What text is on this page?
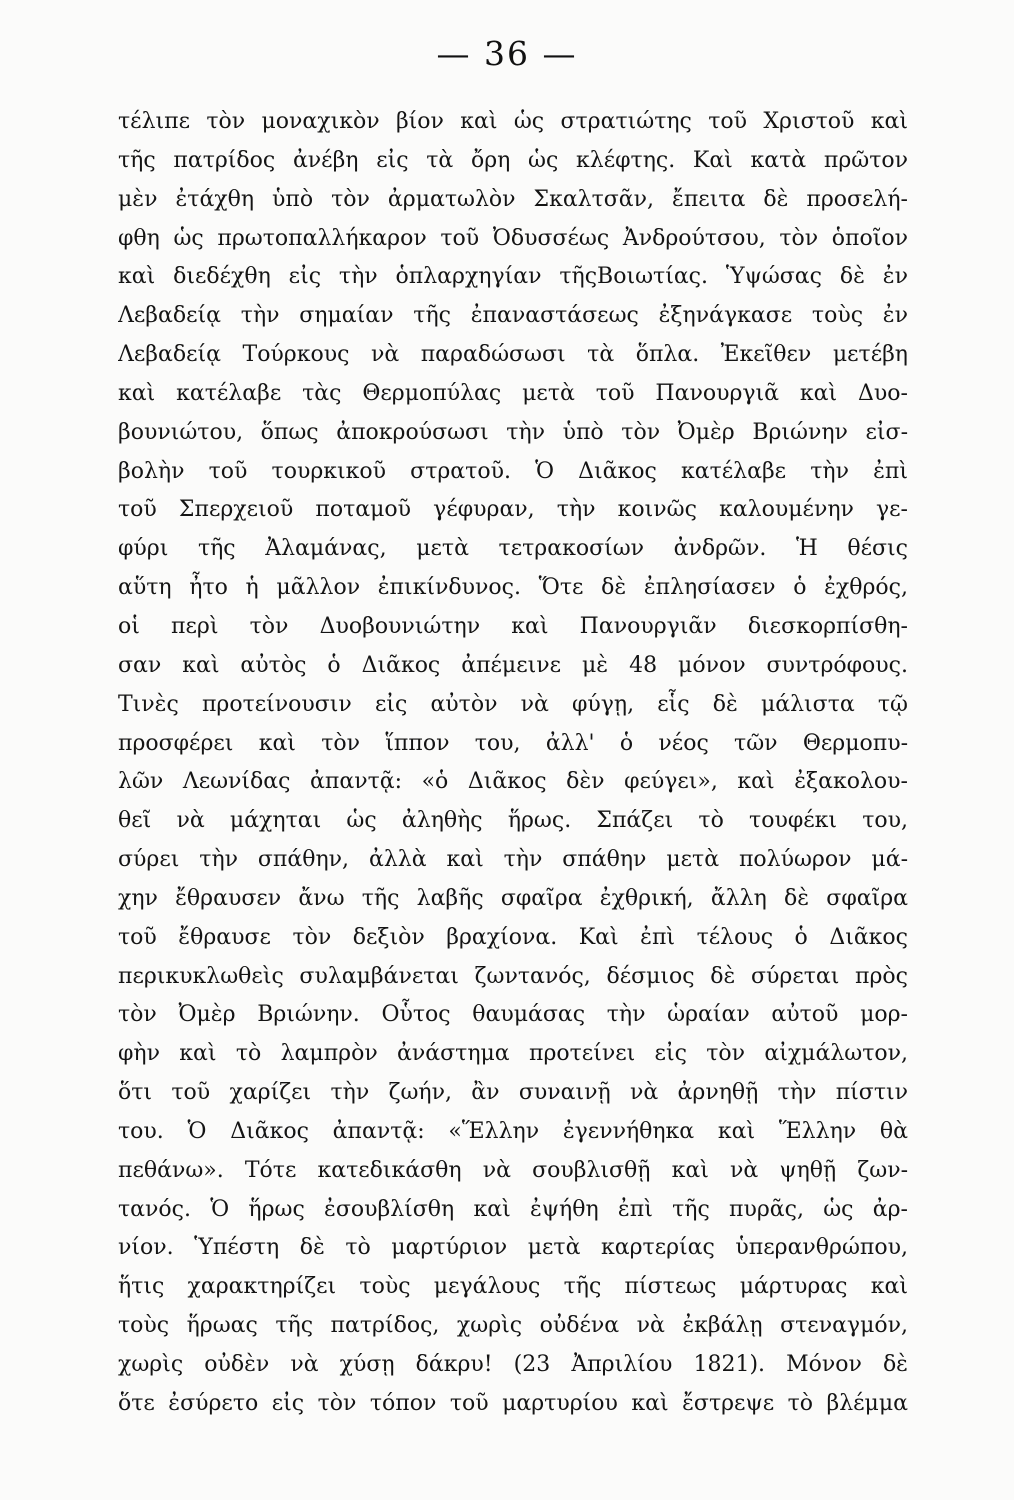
— 36 —
τέλιπε τὸν μοναχικὸν βίον καὶ ὡς στρατιώτης τοῦ Χριστοῦ καὶ
τῆς πατρίδος ἀνέβη εἰς τὰ ὄρη ὡς κλέφτης. Καὶ κατὰ πρῶτον
μὲν ἐτάχθη ὑπὸ τὸν ἀρματωλὸν Σκαλτσᾶν, ἔπειτα δὲ προσελή-
φθη ὡς πρωτοπαλλήκαρον τοῦ Ὀδυσσέως Ἀνδρούτσου, τὸν ὁποῖον
καὶ διεδέχθη εἰς τὴν ὁπλαρχηγίαν τῆςΒοιωτίας. Ὑψώσας δὲ ἐν
Λεβαδείᾳ τὴν σημαίαν τῆς ἐπαναστάσεως ἐξηνάγκασε τοὺς ἐν
Λεβαδείᾳ Τούρκους νὰ παραδώσωσι τὰ ὅπλα. Ἐκεῖθεν μετέβη
καὶ κατέλαβε τὰς Θερμοπύλας μετὰ τοῦ Πανουργιᾶ καὶ Δυο-
βουνιώτου, ὅπως ἀποκρούσωσι τὴν ὑπὸ τὸν Ὀμὲρ Βριώνην εἰσ-
βολὴν τοῦ τουρκικοῦ στρατοῦ. Ὁ Διᾶκος κατέλαβε τὴν ἐπὶ
τοῦ Σπερχειοῦ ποταμοῦ γέφυραν, τὴν κοινῶς καλουμένην γε-
φύρι τῆς Ἀλαμάνας, μετὰ τετρακοσίων ἀνδρῶν. Ἡ θέσις
αὕτη ἦτο ἡ μᾶλλον ἐπικίνδυνος. Ὅτε δὲ ἐπλησίασεν ὁ ἐχθρός,
οἱ περὶ τὸν Δυοβουνιώτην καὶ Πανουργιᾶν διεσκορπίσθη-
σαν καὶ αὐτὸς ὁ Διᾶκος ἀπέμεινε μὲ 48 μόνον συντρόφους.
Τινὲς προτείνουσιν εἰς αὐτὸν νὰ φύγῃ, εἷς δὲ μάλιστα τῷ
προσφέρει καὶ τὸν ἵππον του, ἀλλ' ὁ νέος τῶν Θερμοπυ-
λῶν Λεωνίδας ἀπαντᾷ: «ὁ Διᾶκος δὲν φεύγει», καὶ ἐξακολου-
θεῖ νὰ μάχηται ὡς ἀληθὴς ἥρως. Σπάζει τὸ τουφέκι του,
σύρει τὴν σπάθην, ἀλλὰ καὶ τὴν σπάθην μετὰ πολύωρον μά-
χην ἔθραυσεν ἄνω τῆς λαβῆς σφαῖρα ἐχθρική, ἄλλη δὲ σφαῖρα
τοῦ ἔθραυσε τὸν δεξιὸν βραχίονα. Καὶ ἐπὶ τέλους ὁ Διᾶκος
περικυκλωθεὶς συλαμβάνεται ζωντανός, δέσμιος δὲ σύρεται πρὸς
τὸν Ὀμὲρ Βριώνην. Οὗτος θαυμάσας τὴν ὡραίαν αὐτοῦ μορ-
φὴν καὶ τὸ λαμπρὸν ἀνάστημα προτείνει εἰς τὸν αἰχμάλωτον,
ὅτι τοῦ χαρίζει τὴν ζωήν, ἂν συναινῇ νὰ ἀρνηθῇ τὴν πίστιν
του. Ὁ Διᾶκος ἀπαντᾷ: «Ἕλλην ἐγεννήθηκα καὶ Ἕλλην θὰ
πεθάνω». Τότε κατεδικάσθη νὰ σουβλισθῇ καὶ νὰ ψηθῇ ζων-
τανός. Ὁ ἥρως ἐσουβλίσθη καὶ ἐψήθη ἐπὶ τῆς πυρᾶς, ὡς ἀρ-
νίον. Ὑπέστη δὲ τὸ μαρτύριον μετὰ καρτερίας ὑπερανθρώπου,
ἥτις χαρακτηρίζει τοὺς μεγάλους τῆς πίστεως μάρτυρας καὶ
τοὺς ἥρωας τῆς πατρίδος, χωρὶς οὐδένα νὰ ἐκβάλῃ στεναγμόν,
χωρὶς οὐδὲν νὰ χύσῃ δάκρυ! (23 Ἀπριλίου 1821). Μόνον δὲ
ὅτε ἐσύρετο εἰς τὸν τόπον τοῦ μαρτυρίου καὶ ἔστρεψε τὸ βλέμμα
